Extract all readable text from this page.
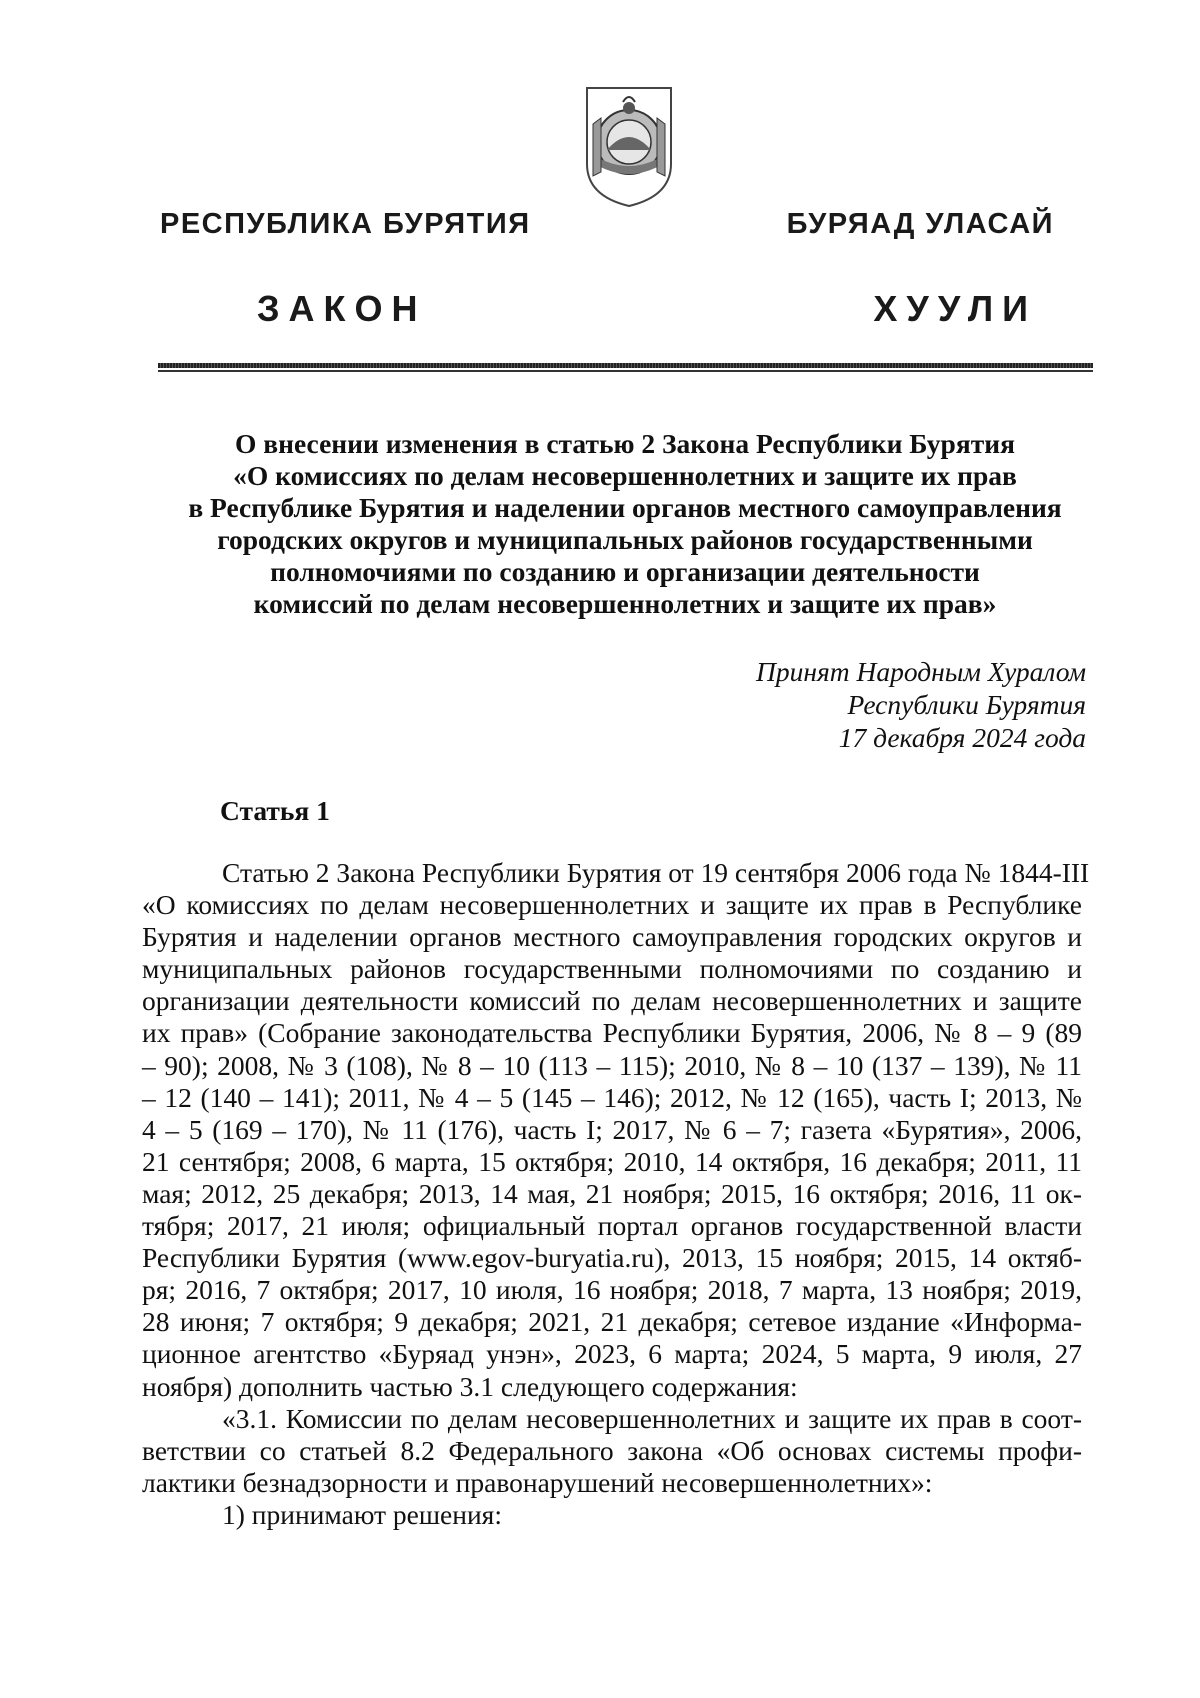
РЕСПУБЛИКА БУРЯТИЯ	БУРЯАД УЛАСАЙ
ЗАКОН	ХУУЛИ
О внесении изменения в статью 2 Закона Республики Бурятия
«О комиссиях по делам несовершеннолетних и защите их прав
в Республике Бурятия и наделении органов местного самоуправления
городских округов и муниципальных районов государственными
полномочиями по созданию и организации деятельности
комиссий по делам несовершеннолетних и защите их прав»
Принят Народным Хуралом
Республики Бурятия
17 декабря 2024 года
Статья 1
Статью 2 Закона Республики Бурятия от 19 сентября 2006 года № 1844-III
«О комиссиях по делам несовершеннолетних и защите их прав в Республике
Бурятия и наделении органов местного самоуправления городских округов и
муниципальных районов государственными полномочиями по созданию и
организации деятельности комиссий по делам несовершеннолетних и защите
их прав» (Собрание законодательства Республики Бурятия, 2006, № 8 – 9 (89
– 90); 2008, № 3 (108), № 8 – 10 (113 – 115); 2010, № 8 – 10 (137 – 139), № 11
– 12 (140 – 141); 2011, № 4 – 5 (145 – 146); 2012, № 12 (165), часть I; 2013, №
4 – 5 (169 – 170), № 11 (176), часть I; 2017, № 6 – 7; газета «Бурятия», 2006,
21 сентября; 2008, 6 марта, 15 октября; 2010, 14 октября, 16 декабря; 2011, 11
мая; 2012, 25 декабря; 2013, 14 мая, 21 ноября; 2015, 16 октября; 2016, 11 ок-
тября; 2017, 21 июля; официальный портал органов государственной власти
Республики Бурятия (www.egov-buryatia.ru), 2013, 15 ноября; 2015, 14 октяб-
ря; 2016, 7 октября; 2017, 10 июля, 16 ноября; 2018, 7 марта, 13 ноября; 2019,
28 июня; 7 октября; 9 декабря; 2021, 21 декабря; сетевое издание «Информа-
ционное агентство «Буряад унэн», 2023, 6 марта; 2024, 5 марта, 9 июля, 27
ноября) дополнить частью 3.1 следующего содержания:
«3.1. Комиссии по делам несовершеннолетних и защите их прав в соот-
ветствии со статьей 8.2 Федерального закона «Об основах системы профи-
лактики безнадзорности и правонарушений несовершеннолетних»:
1) принимают решения:
